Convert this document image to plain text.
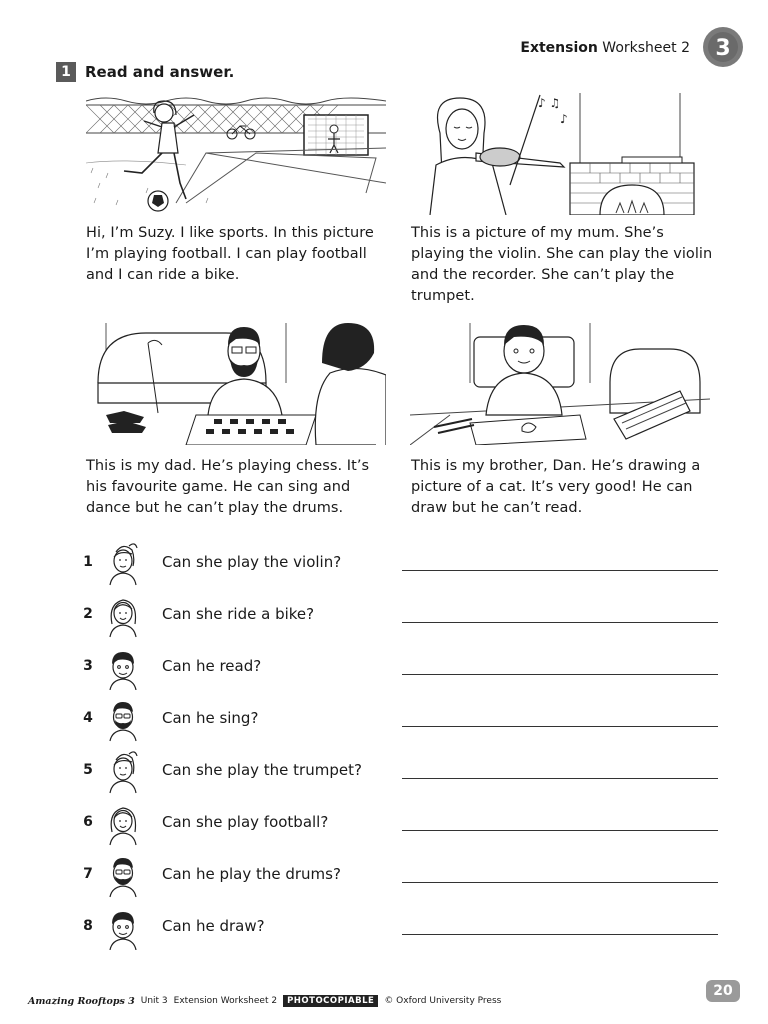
Extension Worksheet 2 3
1 Read and answer.
♪ ♫
♪
Hi, I’m Suzy. I like sports. In this picture I’m playing football. I can play football and I can ride a bike.
This is a picture of my mum. She’s playing the violin. She can play the violin and the recorder. She can’t play the trumpet.
This is my dad. He’s playing chess. It’s his favourite game. He can sing and dance but he can’t play the drums.
This is my brother, Dan. He’s drawing a picture of a cat. It’s very good! He can draw but he can’t read.
1	Can she play the violin?
2	Can she ride a bike?
3	Can he read?
4	Can he sing?
5	Can she play the trumpet?
6	Can she play football?
7	Can he play the drums?
8	Can he draw?
Amazing Rooftops 3 Unit 3 Extension Worksheet 2	PHOTOCOPIABLE	© Oxford University Press
20
